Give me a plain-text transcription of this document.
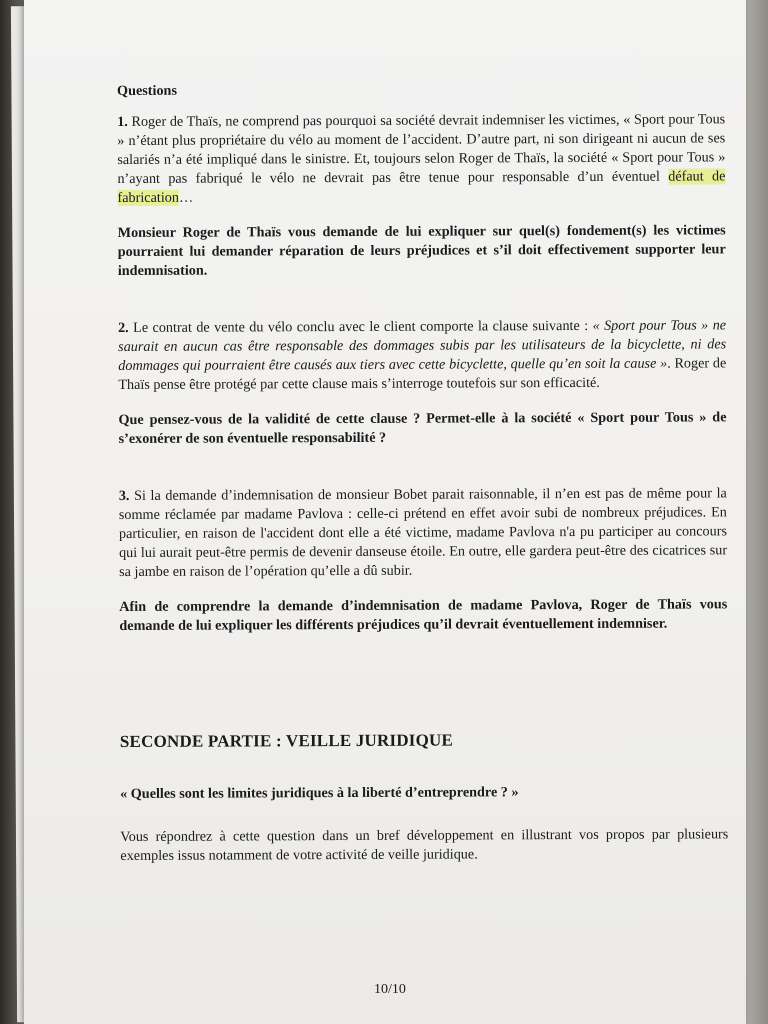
Questions

1. Roger de Thaïs, ne comprend pas pourquoi sa société devrait indemniser les victimes, « Sport pour Tous » n’étant plus propriétaire du vélo au moment de l’accident. D’autre part, ni son dirigeant ni aucun de ses salariés n’a été impliqué dans le sinistre. Et, toujours selon Roger de Thaïs, la société « Sport pour Tous » n’ayant pas fabriqué le vélo ne devrait pas être tenue pour responsable d’un éventuel défaut de fabrication…

Monsieur Roger de Thaïs vous demande de lui expliquer sur quel(s) fondement(s) les victimes pourraient lui demander réparation de leurs préjudices et s’il doit effectivement supporter leur indemnisation.

2. Le contrat de vente du vélo conclu avec le client comporte la clause suivante : « Sport pour Tous » ne saurait en aucun cas être responsable des dommages subis par les utilisateurs de la bicyclette, ni des dommages qui pourraient être causés aux tiers avec cette bicyclette, quelle qu’en soit la cause ». Roger de Thaïs pense être protégé par cette clause mais s’interroge toutefois sur son efficacité.

Que pensez-vous de la validité de cette clause ? Permet-elle à la société « Sport pour Tous » de s’exonérer de son éventuelle responsabilité ?

3. Si la demande d’indemnisation de monsieur Bobet parait raisonnable, il n’en est pas de même pour la somme réclamée par madame Pavlova : celle-ci prétend en effet avoir subi de nombreux préjudices. En particulier, en raison de l'accident dont elle a été victime, madame Pavlova n'a pu participer au concours qui lui aurait peut-être permis de devenir danseuse étoile. En outre, elle gardera peut-être des cicatrices sur sa jambe en raison de l’opération qu’elle a dû subir.

Afin de comprendre la demande d’indemnisation de madame Pavlova, Roger de Thaïs vous demande de lui expliquer les différents préjudices qu’il devrait éventuellement indemniser.

SECONDE PARTIE : VEILLE JURIDIQUE
« Quelles sont les limites juridiques à la liberté d’entreprendre ? »

Vous répondrez à cette question dans un bref développement en illustrant vos propos par plusieurs exemples issus notamment de votre activité de veille juridique.

10/10
